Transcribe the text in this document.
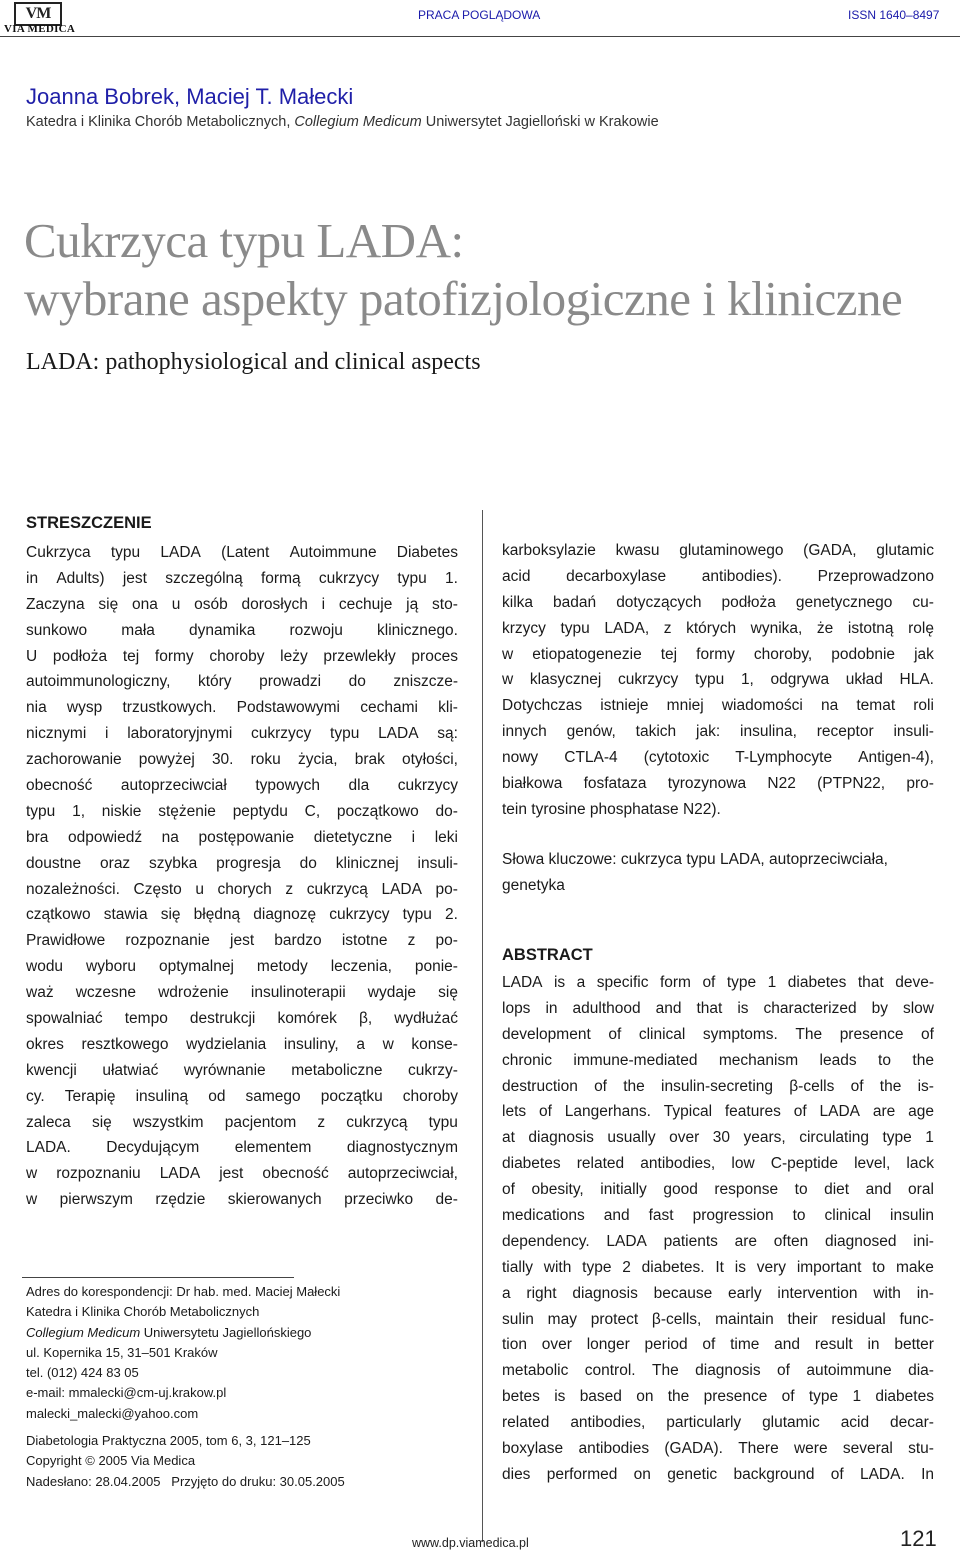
VM
VIA MEDICA
PRACA POGLĄDOWA	ISSN 1640–8497
Joanna Bobrek, Maciej T. Małecki
Katedra i Klinika Chorób Metabolicznych, Collegium Medicum Uniwersytet Jagielloński w Krakowie
Cukrzyca typu LADA:
wybrane aspekty patofizjologiczne i kliniczne
LADA: pathophysiological and clinical aspects
STRESZCZENIE
Cukrzyca typu LADA (Latent Autoimmune Diabetes
in Adults) jest szczególną formą cukrzycy typu 1.
Zaczyna się ona u osób dorosłych i cechuje ją sto-
sunkowo mała dynamika rozwoju klinicznego.
U podłoża tej formy choroby leży przewlekły proces
autoimmunologiczny, który prowadzi do zniszcze-
nia wysp trzustkowych. Podstawowymi cechami kli-
nicznymi i laboratoryjnymi cukrzycy typu LADA są:
zachorowanie powyżej 30. roku życia, brak otyłości,
obecność autoprzeciwciał typowych dla cukrzycy
typu 1, niskie stężenie peptydu C, początkowo do-
bra odpowiedź na postępowanie dietetyczne i leki
doustne oraz szybka progresja do klinicznej insuli-
nozależności. Często u chorych z cukrzycą LADA po-
czątkowo stawia się błędną diagnozę cukrzycy typu 2.
Prawidłowe rozpoznanie jest bardzo istotne z po-
wodu wyboru optymalnej metody leczenia, ponie-
waż wczesne wdrożenie insulinoterapii wydaje się
spowalniać tempo destrukcji komórek β, wydłużać
okres resztkowego wydzielania insuliny, a w konse-
kwencji ułatwiać wyrównanie metaboliczne cukrzy-
cy. Terapię insuliną od samego początku choroby
zaleca się wszystkim pacjentom z cukrzycą typu
LADA. Decydującym elementem diagnostycznym
w rozpoznaniu LADA jest obecność autoprzeciwciał,
w pierwszym rzędzie skierowanych przeciwko de-
karboksylazie kwasu glutaminowego (GADA, glutamic
acid decarboxylase antibodies). Przeprowadzono
kilka badań dotyczących podłoża genetycznego cu-
krzycy typu LADA, z których wynika, że istotną rolę
w etiopatogenezie tej formy choroby, podobnie jak
w klasycznej cukrzycy typu 1, odgrywa układ HLA.
Dotychczas istnieje mniej wiadomości na temat roli
innych genów, takich jak: insulina, receptor insuli-
nowy CTLA-4 (cytotoxic T-Lymphocyte Antigen-4),
białkowa fosfataza tyrozynowa N22 (PTPN22, pro-
tein tyrosine phosphatase N22).
Słowa kluczowe: cukrzyca typu LADA, autoprzeciwciała,
genetyka
ABSTRACT
LADA is a specific form of type 1 diabetes that deve-
lops in adulthood and that is characterized by slow
development of clinical symptoms. The presence of
chronic immune-mediated mechanism leads to the
destruction of the insulin-secreting β-cells of the is-
lets of Langerhans. Typical features of LADA are age
at diagnosis usually over 30 years, circulating type 1
diabetes related antibodies, low C-peptide level, lack
of obesity, initially good response to diet and oral
medications and fast progression to clinical insulin
dependency. LADA patients are often diagnosed ini-
tially with type 2 diabetes. It is very important to make
a right diagnosis because early intervention with in-
sulin may protect β-cells, maintain their residual func-
tion over longer period of time and result in better
metabolic control. The diagnosis of autoimmune dia-
betes is based on the presence of type 1 diabetes
related antibodies, particularly glutamic acid decar-
boxylase antibodies (GADA). There were several stu-
dies performed on genetic background of LADA. In
Adres do korespondencji: Dr hab. med. Maciej Małecki
Katedra i Klinika Chorób Metabolicznych
Collegium Medicum Uniwersytetu Jagiellońskiego
ul. Kopernika 15, 31–501 Kraków
tel. (012) 424 83 05
e-mail: mmalecki@cm-uj.krakow.pl
malecki_malecki@yahoo.com
Diabetologia Praktyczna 2005, tom 6, 3, 121–125
Copyright © 2005 Via Medica
Nadesłano: 28.04.2005   Przyjęto do druku: 30.05.2005
www.dp.viamedica.pl	121
